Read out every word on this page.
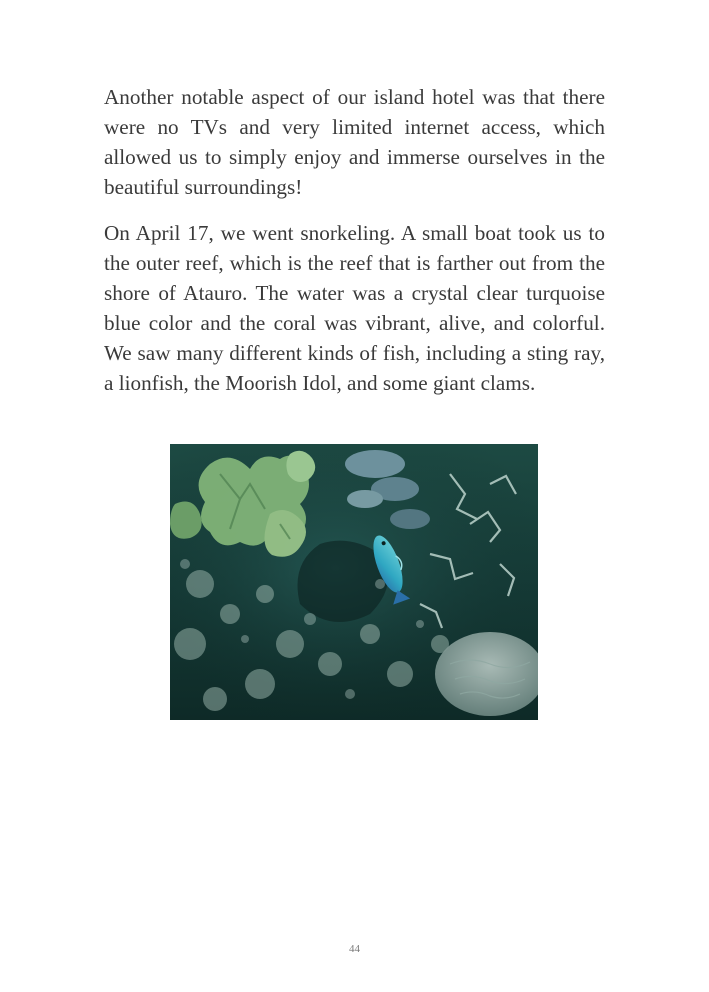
Another notable aspect of our island hotel was that there were no TVs and very limited internet access, which allowed us to simply enjoy and immerse ourselves in the beautiful surroundings!

On April 17, we went snorkeling. A small boat took us to the outer reef, which is the reef that is farther out from the shore of Atauro. The water was a crystal clear turquoise blue color and the coral was vibrant, alive, and colorful. We saw many different kinds of fish, including a sting ray, a lionfish, the Moorish Idol, and some giant clams.

44
